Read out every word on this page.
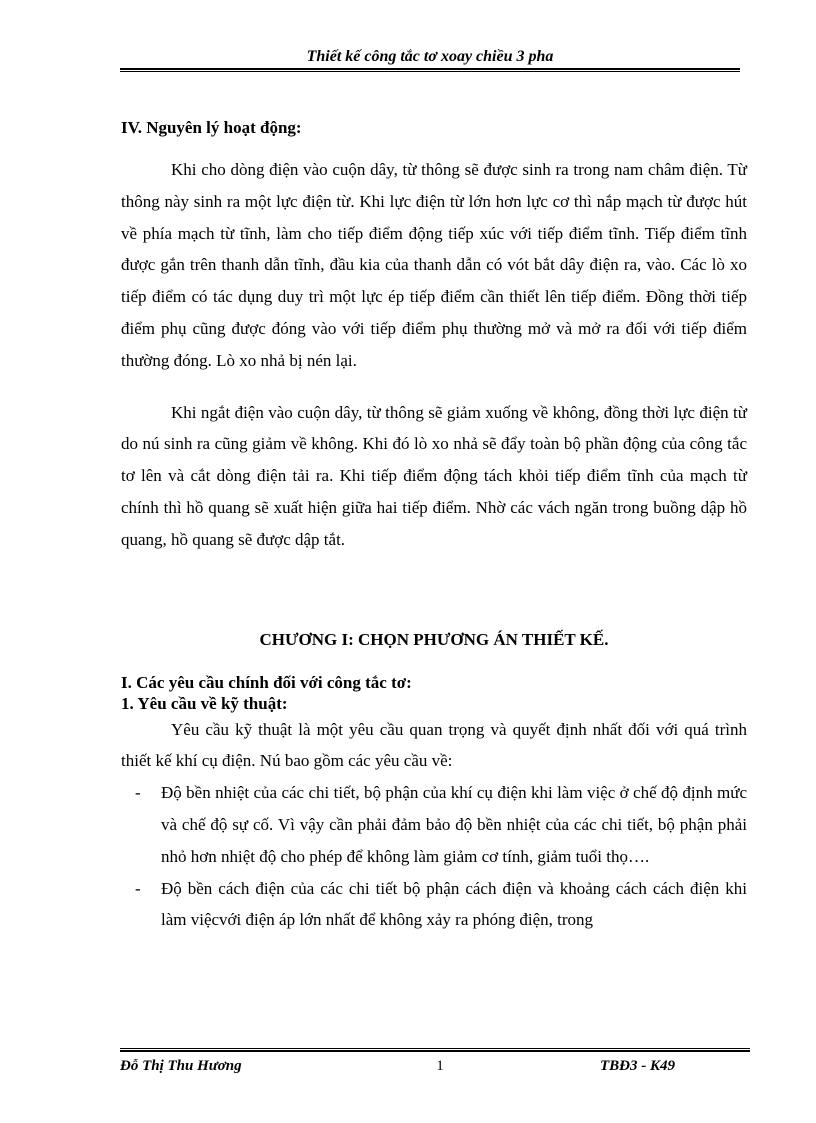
Thiết kế công tắc tơ xoay chiều 3 pha

IV. Nguyên lý hoạt động:

Khi cho dòng điện vào cuộn dây, từ thông sẽ được sinh ra trong nam châm điện. Từ thông này sinh ra một lực điện từ. Khi lực điện từ lớn hơn lực cơ thì nắp mạch từ được hút về phía mạch từ tĩnh, làm cho tiếp điểm động tiếp xúc với tiếp điểm tĩnh. Tiếp điểm tĩnh được gắn trên thanh dẫn tĩnh, đầu kia của thanh dẫn có vót bắt dây điện ra, vào. Các lò xo tiếp điểm có tác dụng duy trì một lực ép tiếp điểm cần thiết lên tiếp điểm. Đồng thời tiếp điểm phụ cũng được đóng vào với tiếp điểm phụ thường mở và mở ra đối với tiếp điểm thường đóng. Lò xo nhả bị nén lại.

Khi ngắt điện vào cuộn dây, từ thông sẽ giảm xuống về không, đồng thời lực điện từ do nú sinh ra cũng giảm về không. Khi đó lò xo nhả sẽ đẩy toàn bộ phần động của công tắc tơ lên và cắt dòng điện tải ra. Khi tiếp điểm động tách khỏi tiếp điểm tĩnh của mạch từ chính thì hồ quang sẽ xuất hiện giữa hai tiếp điểm. Nhờ các vách ngăn trong buồng dập hồ quang, hồ quang sẽ được dập tắt.

CHƯƠNG I: CHỌN PHƯƠNG ÁN THIẾT KẾ.

I. Các yêu cầu chính đối với công tắc tơ:

1. Yêu cầu về kỹ thuật:

Yêu cầu kỹ thuật là một yêu cầu quan trọng và quyết định nhất đối với quá trình thiết kế khí cụ điện. Nú bao gồm các yêu cầu về:

- Độ bền nhiệt của các chi tiết, bộ phận của khí cụ điện khi làm việc ở chế độ định mức và chế độ sự cố. Vì vậy cần phải đảm bảo độ bền nhiệt của các chi tiết, bộ phận phải nhỏ hơn nhiệt độ cho phép để không làm giảm cơ tính, giảm tuổi thọ….

- Độ bền cách điện của các chi tiết bộ phận cách điện và khoảng cách cách điện khi làm việcvới điện áp lớn nhất để không xảy ra phóng điện, trong

Đỗ Thị Thu Hương	1	TBĐ3 - K49
